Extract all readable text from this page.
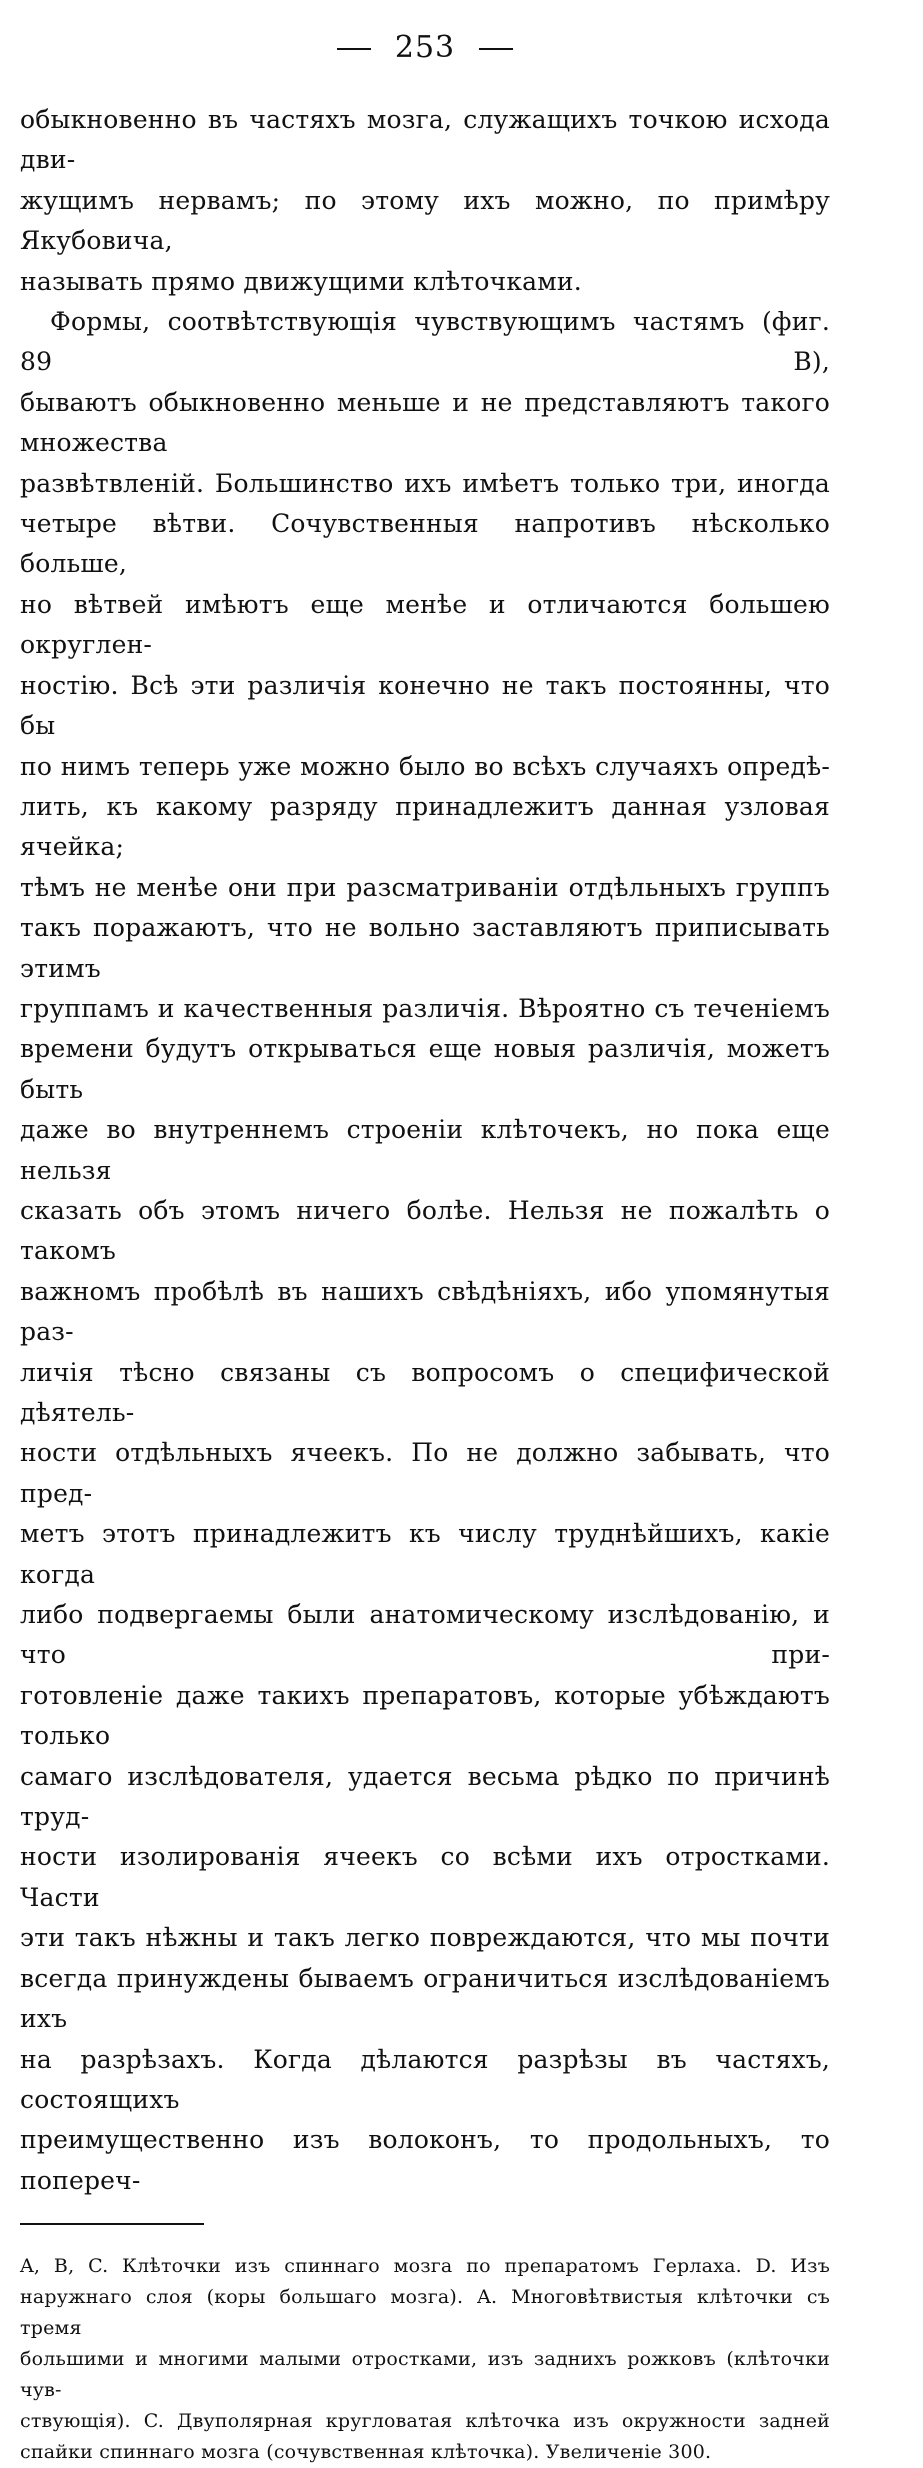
253

обыкновенно въ частяхъ мозга, служащихъ точкою исхода дви-

жущимъ нервамъ; по этому ихъ можно, по примѣру Якубовича,

называть прямо движущими клѣточками.

Формы, соотвѣтствующія чувствующимъ частямъ (фиг. 89 B),

бываютъ обыкновенно меньше и не представляютъ такого множества

развѣтвленій. Большинство ихъ имѣетъ только три, иногда

четыре вѣтви. Сочувственныя напротивъ нѣсколько больше,

но вѣтвей имѣютъ еще менѣе и отличаются большею округлен-

ностію. Всѣ эти различія конечно не такъ постоянны, что бы

по нимъ теперь уже можно было во всѣхъ случаяхъ опредѣ-

лить, къ какому разряду принадлежитъ данная узловая ячейка;

тѣмъ не менѣе они при разсматриваніи отдѣльныхъ группъ

такъ поражаютъ, что не вольно заставляютъ приписывать этимъ

группамъ и качественныя различія. Вѣроятно съ теченіемъ

времени будутъ открываться еще новыя различія, можетъ быть

даже во внутреннемъ строеніи клѣточекъ, но пока еще нельзя

сказать объ этомъ ничего болѣе. Нельзя не пожалѣть о такомъ

важномъ пробѣлѣ въ нашихъ свѣдѣніяхъ, ибо упомянутыя раз-

личія тѣсно связаны съ вопросомъ о специфической дѣятель-

ности отдѣльныхъ ячеекъ. По не должно забывать, что пред-

метъ этотъ принадлежитъ къ числу труднѣйшихъ, какіе когда

либо подвергаемы были анатомическому изслѣдованію, и что при-

готовленіе даже такихъ препаратовъ, которые убѣждаютъ только

самаго изслѣдователя, удается весьма рѣдко по причинѣ труд-

ности изолированія ячеекъ со всѣми ихъ отростками. Части

эти такъ нѣжны и такъ легко повреждаются, что мы почти

всегда принуждены бываемъ ограничиться изслѣдованіемъ ихъ

на разрѣзахъ. Когда дѣлаются разрѣзы въ частяхъ, состоящихъ

преимущественно изъ волоконъ, то продольныхъ, то попереч-

A, B, C. Клѣточки изъ спиннаго мозга по препаратомъ Герлаха. D. Изъ

наружнаго слоя (коры большаго мозга). A. Многовѣтвистыя клѣточки съ тремя

большими и многими малыми отростками, изъ заднихъ рожковъ (клѣточки чув-

ствующія). C. Двуполярная кругловатая клѣточка изъ окружности задней

спайки спиннаго мозга (сочувственная клѣточка). Увеличеніе 300.
